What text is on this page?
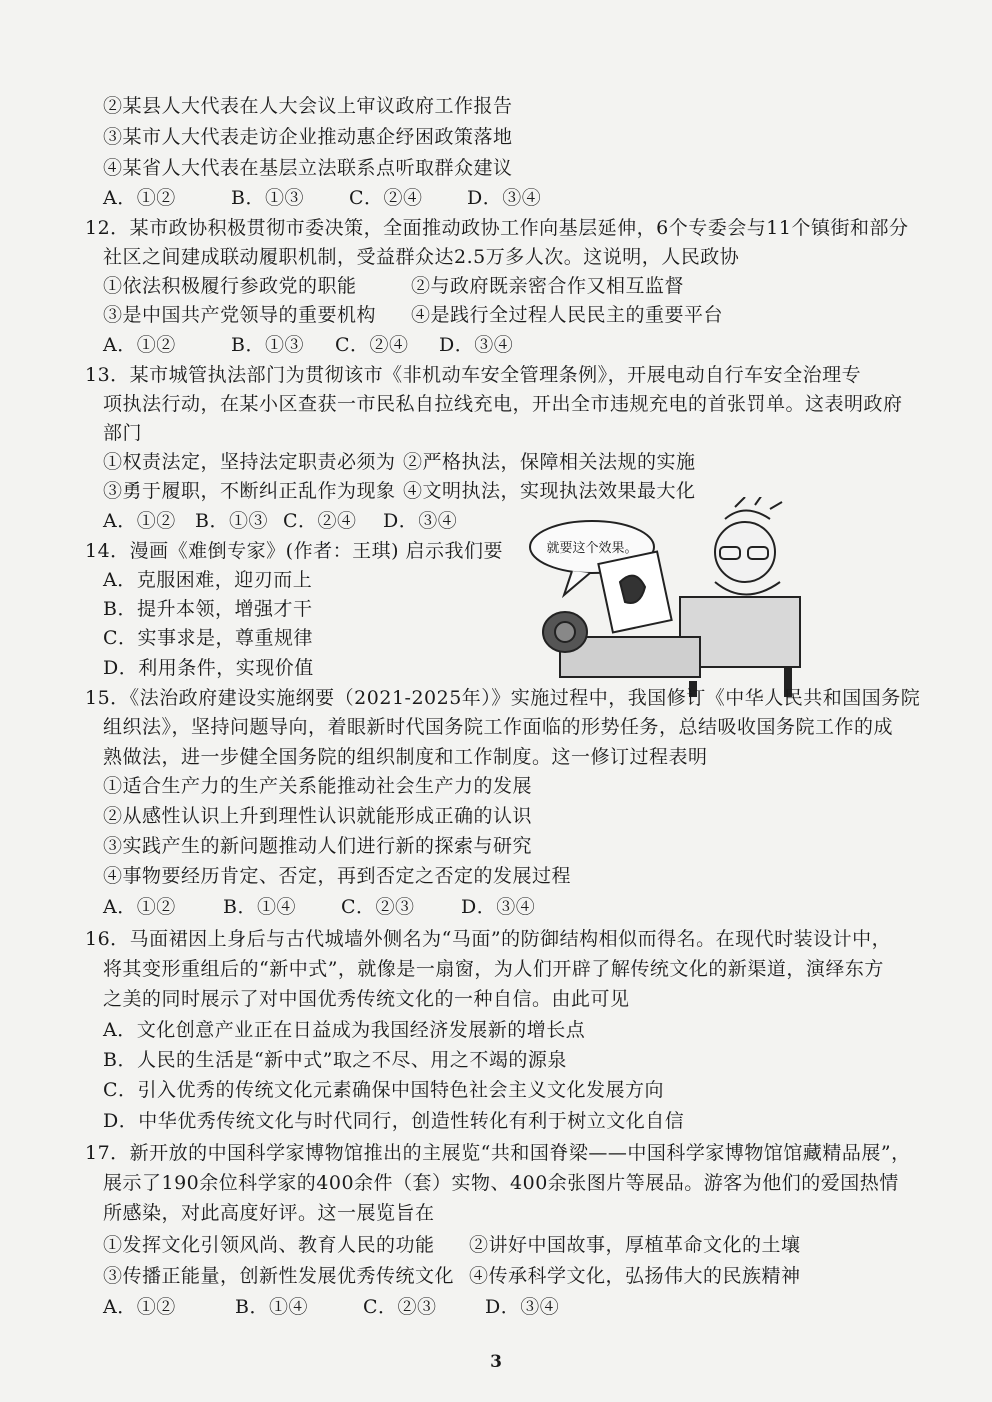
②某县人大代表在人大会议上审议政府工作报告
③某市人大代表走访企业推动惠企纾困政策落地
④某省人大代表在基层立法联系点听取群众建议
A．①②	B．①③ C．②④ D．③④
12．某市政协积极贯彻市委决策，全面推动政协工作向基层延伸，6个专委会与11个镇街和部分
社区之间建成联动履职机制，受益群众达2.5万多人次。这说明，人民政协
①依法积极履行参政党的职能	②与政府既亲密合作又相互监督
③是中国共产党领导的重要机构 ④是践行全过程人民民主的重要平台
A．①②	B．①③ C．②④ D．③④
13．某市城管执法部门为贯彻该市《非机动车安全管理条例》，开展电动自行车安全治理专
项执法行动，在某小区查获一市民私自拉线充电，开出全市违规充电的首张罚单。这表明政府
部门
①权责法定，坚持法定职责必须为 ②严格执法，保障相关法规的实施
③勇于履职，不断纠正乱作为现象 ④文明执法，实现执法效果最大化
A．①② B．①③ C．②④ D．③④
14．漫画《难倒专家》(作者：王琪) 启示我们要
A．克服困难，迎刃而上
B．提升本领，增强才干
C．实事求是，尊重规律
D．利用条件，实现价值
就要这个效果。
15．《法治政府建设实施纲要（2021-2025年）》实施过程中，我国修订《中华人民共和国国务院
组织法》，坚持问题导向，着眼新时代国务院工作面临的形势任务，总结吸收国务院工作的成
熟做法，进一步健全国务院的组织制度和工作制度。这一修订过程表明
①适合生产力的生产关系能推动社会生产力的发展
②从感性认识上升到理性认识就能形成正确的认识
③实践产生的新问题推动人们进行新的探索与研究
④事物要经历肯定、否定，再到否定之否定的发展过程
A．①② B．①④ C．②③ D．③④
16．马面裙因上身后与古代城墙外侧名为“马面”的防御结构相似而得名。在现代时装设计中，
将其变形重组后的“新中式”，就像是一扇窗，为人们开辟了解传统文化的新渠道，演绎东方
之美的同时展示了对中国优秀传统文化的一种自信。由此可见
A．文化创意产业正在日益成为我国经济发展新的增长点
B．人民的生活是“新中式”取之不尽、用之不竭的源泉
C．引入优秀的传统文化元素确保中国特色社会主义文化发展方向
D．中华优秀传统文化与时代同行，创造性转化有利于树立文化自信
17．新开放的中国科学家博物馆推出的主展览“共和国脊梁——中国科学家博物馆馆藏精品展”，
展示了190余位科学家的400余件（套）实物、400余张图片等展品。游客为他们的爱国热情
所感染，对此高度好评。这一展览旨在
①发挥文化引领风尚、教育人民的功能 ②讲好中国故事，厚植革命文化的土壤
③传播正能量，创新性发展优秀传统文化 ④传承科学文化，弘扬伟大的民族精神
A．①②	B．①④	C．②③	D．③④
3
